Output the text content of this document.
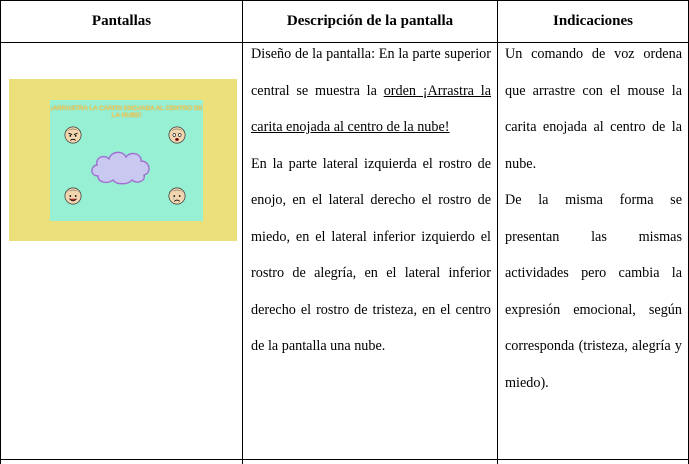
Pantallas	Descripción de la pantalla	Indicaciones
¡ARRASTRA LA CARITA ENOJADA AL CENTRO DE LA NUBE!

Diseño de la pantalla: En la parte superior central se muestra la orden ¡Arrastra la carita enojada al centro de la nube!

En la parte lateral izquierda el rostro de enojo, en el lateral derecho el rostro de miedo, en el lateral inferior izquierdo el rostro de alegría, en el lateral inferior derecho el rostro de tristeza, en el centro de la pantalla una nube.

Un comando de voz ordena que arrastre con el mouse la carita enojada al centro de la nube.

De la misma forma se presentan las mismas actividades pero cambia la expresión emocional, según corresponda (tristeza, alegría y miedo).
